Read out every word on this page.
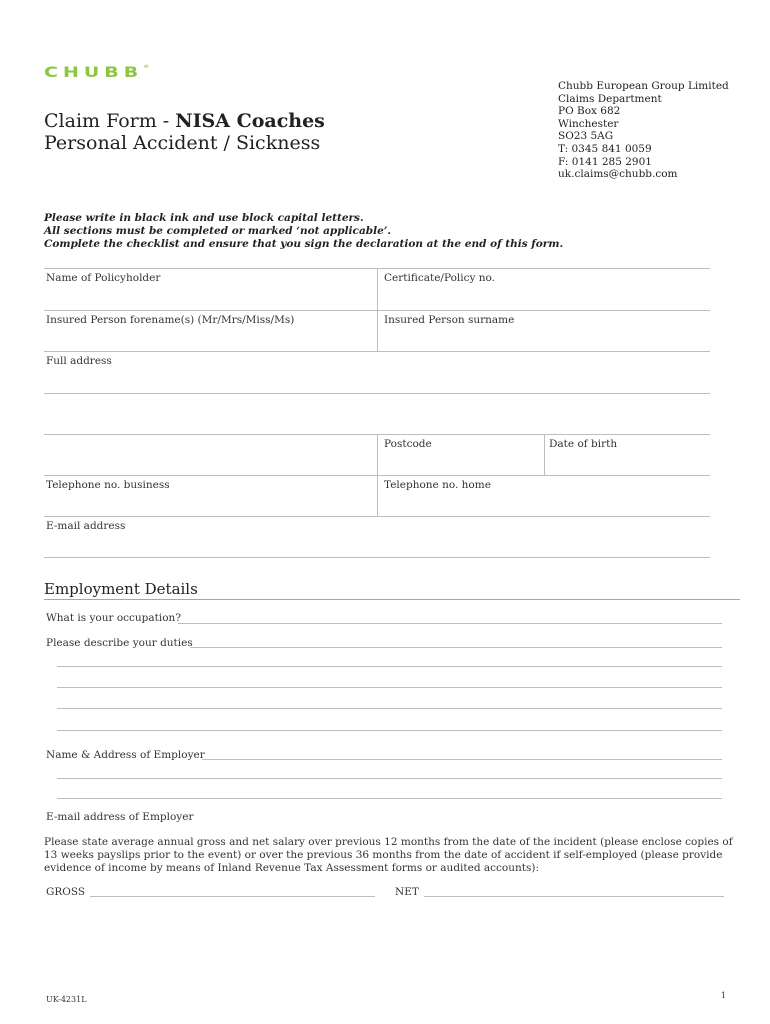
CHUBB®
Claim Form - NISA Coaches
Personal Accident / Sickness
Chubb European Group Limited
Claims Department
PO Box 682
Winchester
SO23 5AG
T: 0345 841 0059
F: 0141 285 2901
uk.claims@chubb.com
Please write in black ink and use block capital letters.
All sections must be completed or marked ‘not applicable’.
Complete the checklist and ensure that you sign the declaration at the end of this form.
Name of Policyholder	Certificate/Policy no.
Insured Person forename(s) (Mr/Mrs/Miss/Ms)	Insured Person surname
Full address
Postcode	Date of birth
Telephone no. business	Telephone no. home
E-mail address
Employment Details
What is your occupation?
Please describe your duties
Name & Address of Employer
E-mail address of Employer
Please state average annual gross and net salary over previous 12 months from the date of the incident (please enclose copies of 13 weeks payslips prior to the event) or over the previous 36 months from the date of accident if self-employed (please provide evidence of income by means of Inland Revenue Tax Assessment forms or audited accounts):
GROSS	NET
UK-4231L	1
